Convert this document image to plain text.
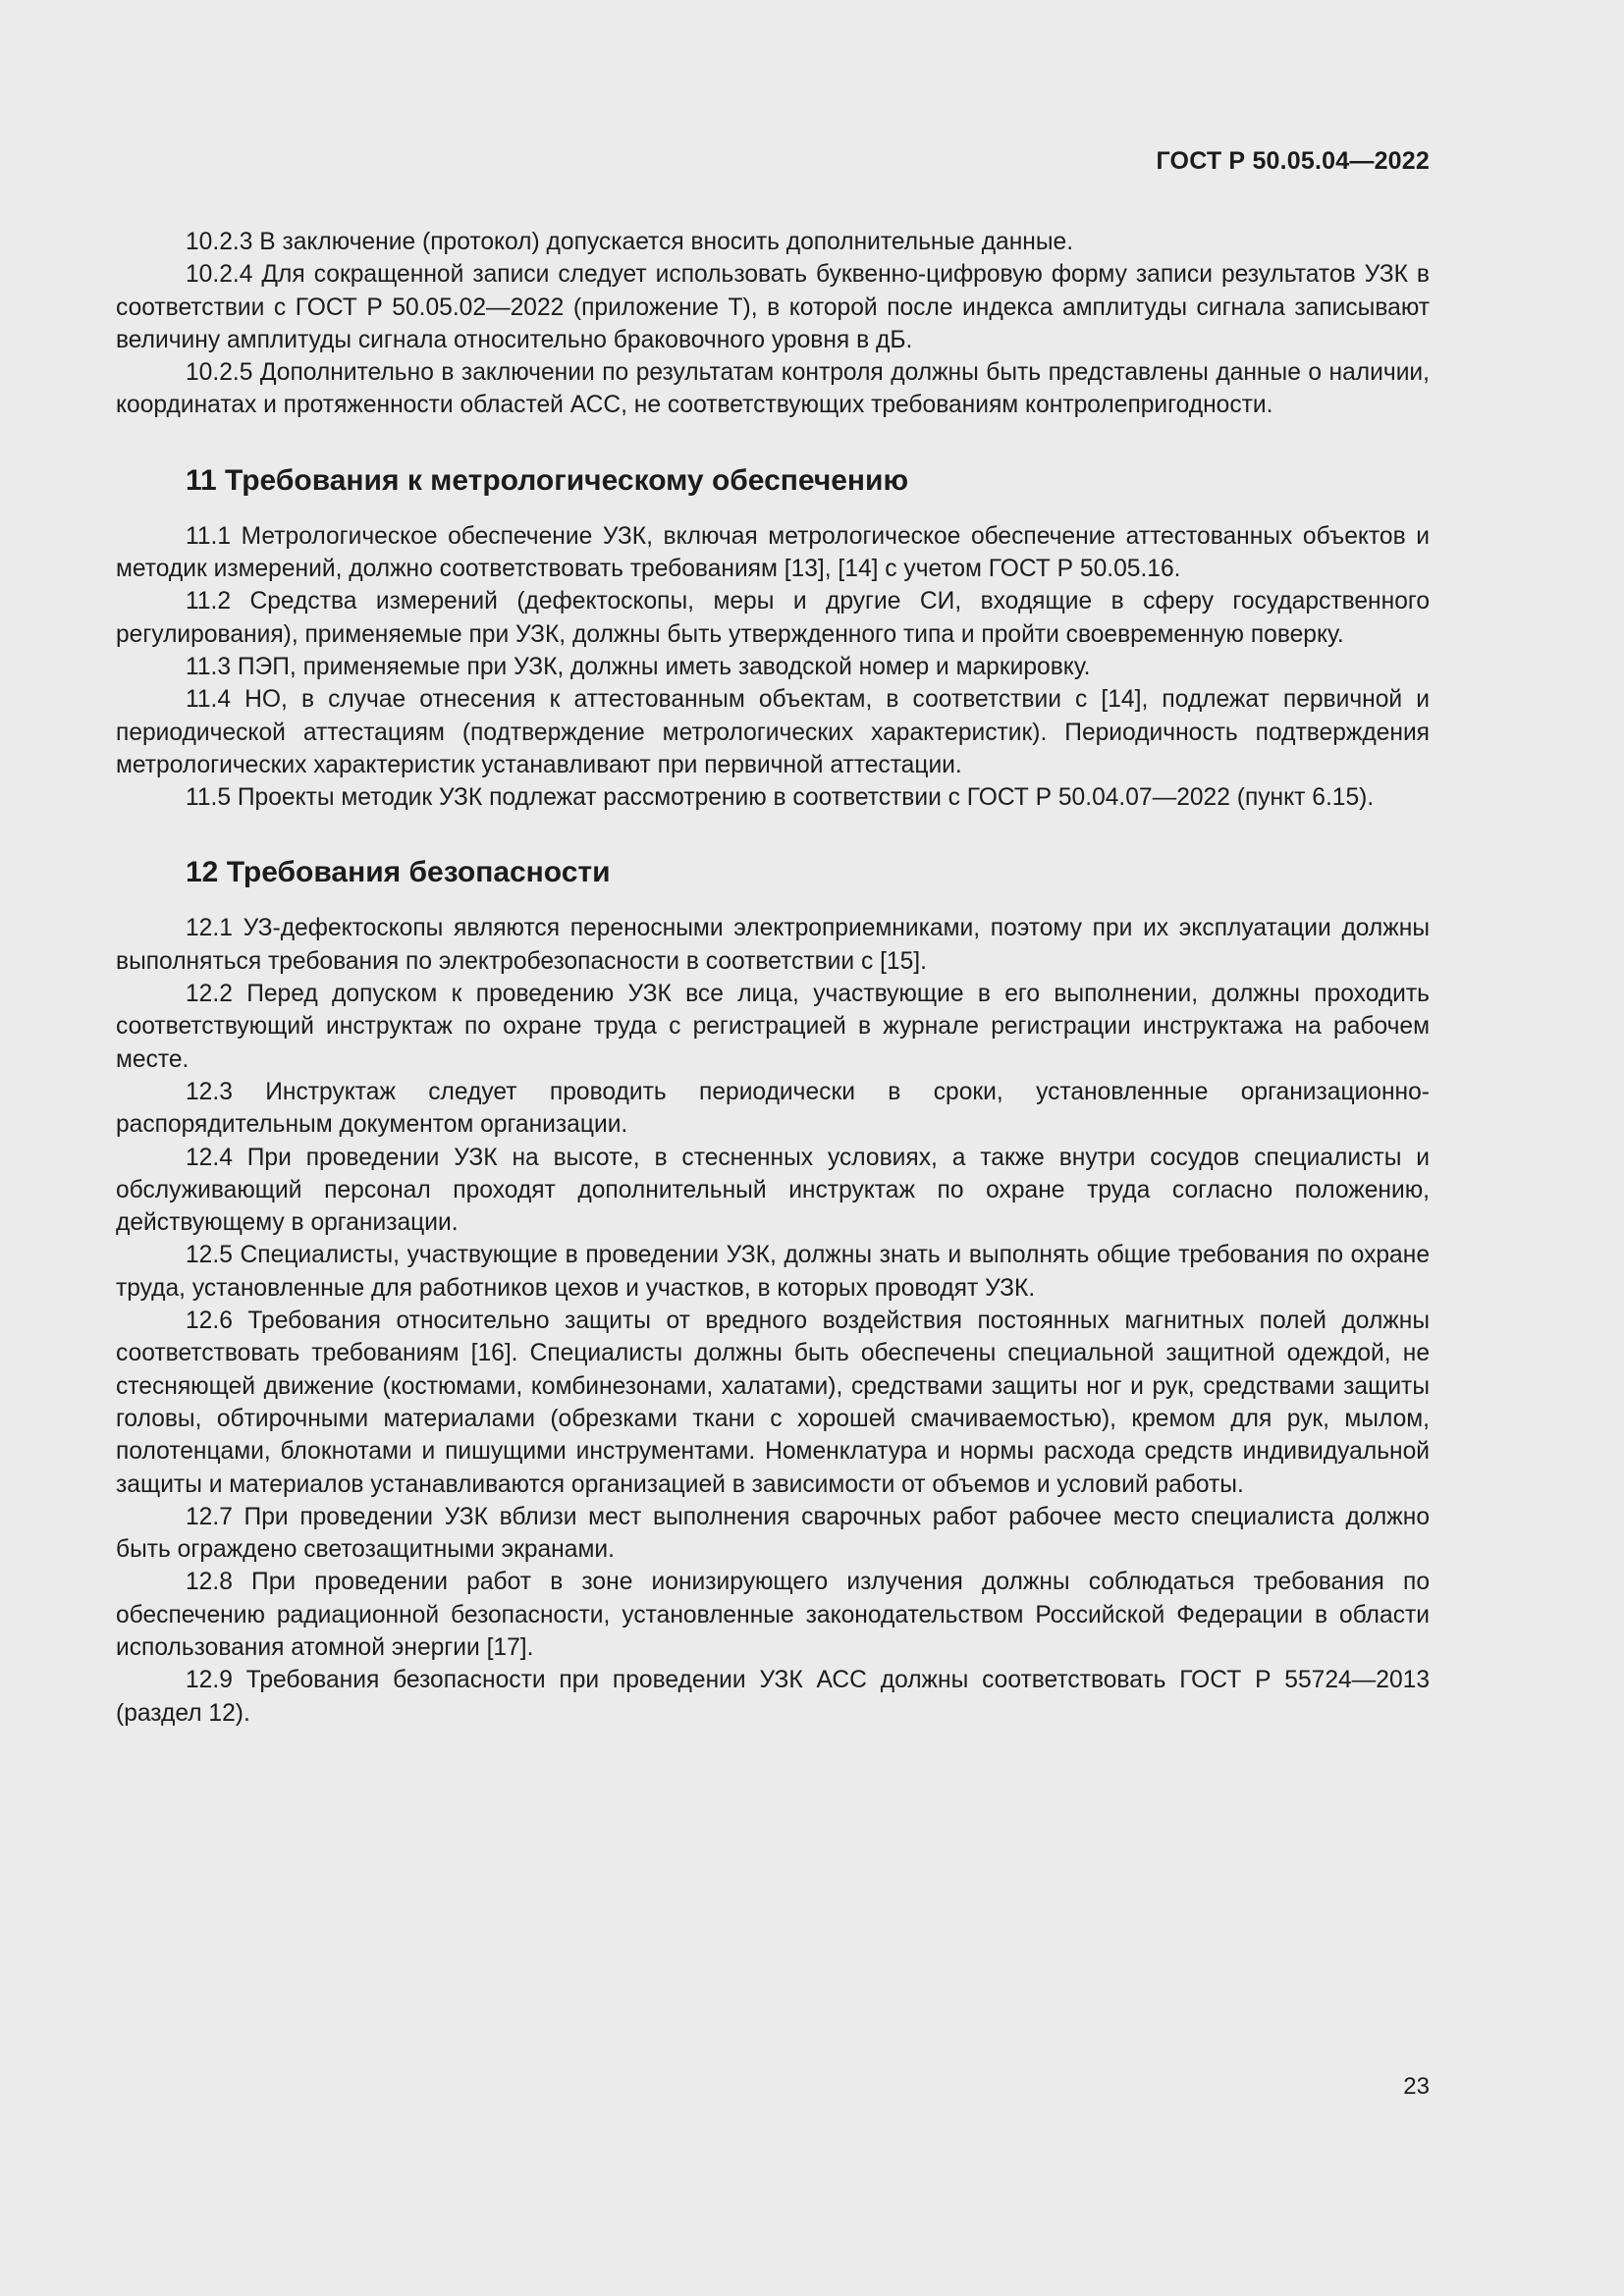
ГОСТ Р 50.05.04—2022

10.2.3 В заключение (протокол) допускается вносить дополнительные данные.

10.2.4 Для сокращенной записи следует использовать буквенно-цифровую форму записи результатов УЗК в соответствии с ГОСТ Р 50.05.02—2022 (приложение Т), в которой после индекса амплитуды сигнала записывают величину амплитуды сигнала относительно браковочного уровня в дБ.

10.2.5 Дополнительно в заключении по результатам контроля должны быть представлены данные о наличии, координатах и протяженности областей АСС, не соответствующих требованиям контролепригодности.

11 Требования к метрологическому обеспечению

11.1 Метрологическое обеспечение УЗК, включая метрологическое обеспечение аттестованных объектов и методик измерений, должно соответствовать требованиям [13], [14] с учетом ГОСТ Р 50.05.16.

11.2 Средства измерений (дефектоскопы, меры и другие СИ, входящие в сферу государственного регулирования), применяемые при УЗК, должны быть утвержденного типа и пройти своевременную поверку.

11.3 ПЭП, применяемые при УЗК, должны иметь заводской номер и маркировку.

11.4 НО, в случае отнесения к аттестованным объектам, в соответствии с [14], подлежат первичной и периодической аттестациям (подтверждение метрологических характеристик). Периодичность подтверждения метрологических характеристик устанавливают при первичной аттестации.

11.5 Проекты методик УЗК подлежат рассмотрению в соответствии с ГОСТ Р 50.04.07—2022 (пункт 6.15).

12 Требования безопасности

12.1 УЗ-дефектоскопы являются переносными электроприемниками, поэтому при их эксплуатации должны выполняться требования по электробезопасности в соответствии с [15].

12.2 Перед допуском к проведению УЗК все лица, участвующие в его выполнении, должны проходить соответствующий инструктаж по охране труда с регистрацией в журнале регистрации инструктажа на рабочем месте.

12.3 Инструктаж следует проводить периодически в сроки, установленные организационно-распорядительным документом организации.

12.4 При проведении УЗК на высоте, в стесненных условиях, а также внутри сосудов специалисты и обслуживающий персонал проходят дополнительный инструктаж по охране труда согласно положению, действующему в организации.

12.5 Специалисты, участвующие в проведении УЗК, должны знать и выполнять общие требования по охране труда, установленные для работников цехов и участков, в которых проводят УЗК.

12.6 Требования относительно защиты от вредного воздействия постоянных магнитных полей должны соответствовать требованиям [16]. Специалисты должны быть обеспечены специальной защитной одеждой, не стесняющей движение (костюмами, комбинезонами, халатами), средствами защиты ног и рук, средствами защиты головы, обтирочными материалами (обрезками ткани с хорошей смачиваемостью), кремом для рук, мылом, полотенцами, блокнотами и пишущими инструментами. Номенклатура и нормы расхода средств индивидуальной защиты и материалов устанавливаются организацией в зависимости от объемов и условий работы.

12.7 При проведении УЗК вблизи мест выполнения сварочных работ рабочее место специалиста должно быть ограждено светозащитными экранами.

12.8 При проведении работ в зоне ионизирующего излучения должны соблюдаться требования по обеспечению радиационной безопасности, установленные законодательством Российской Федерации в области использования атомной энергии [17].

12.9 Требования безопасности при проведении УЗК АСС должны соответствовать ГОСТ Р 55724—2013 (раздел 12).

23
